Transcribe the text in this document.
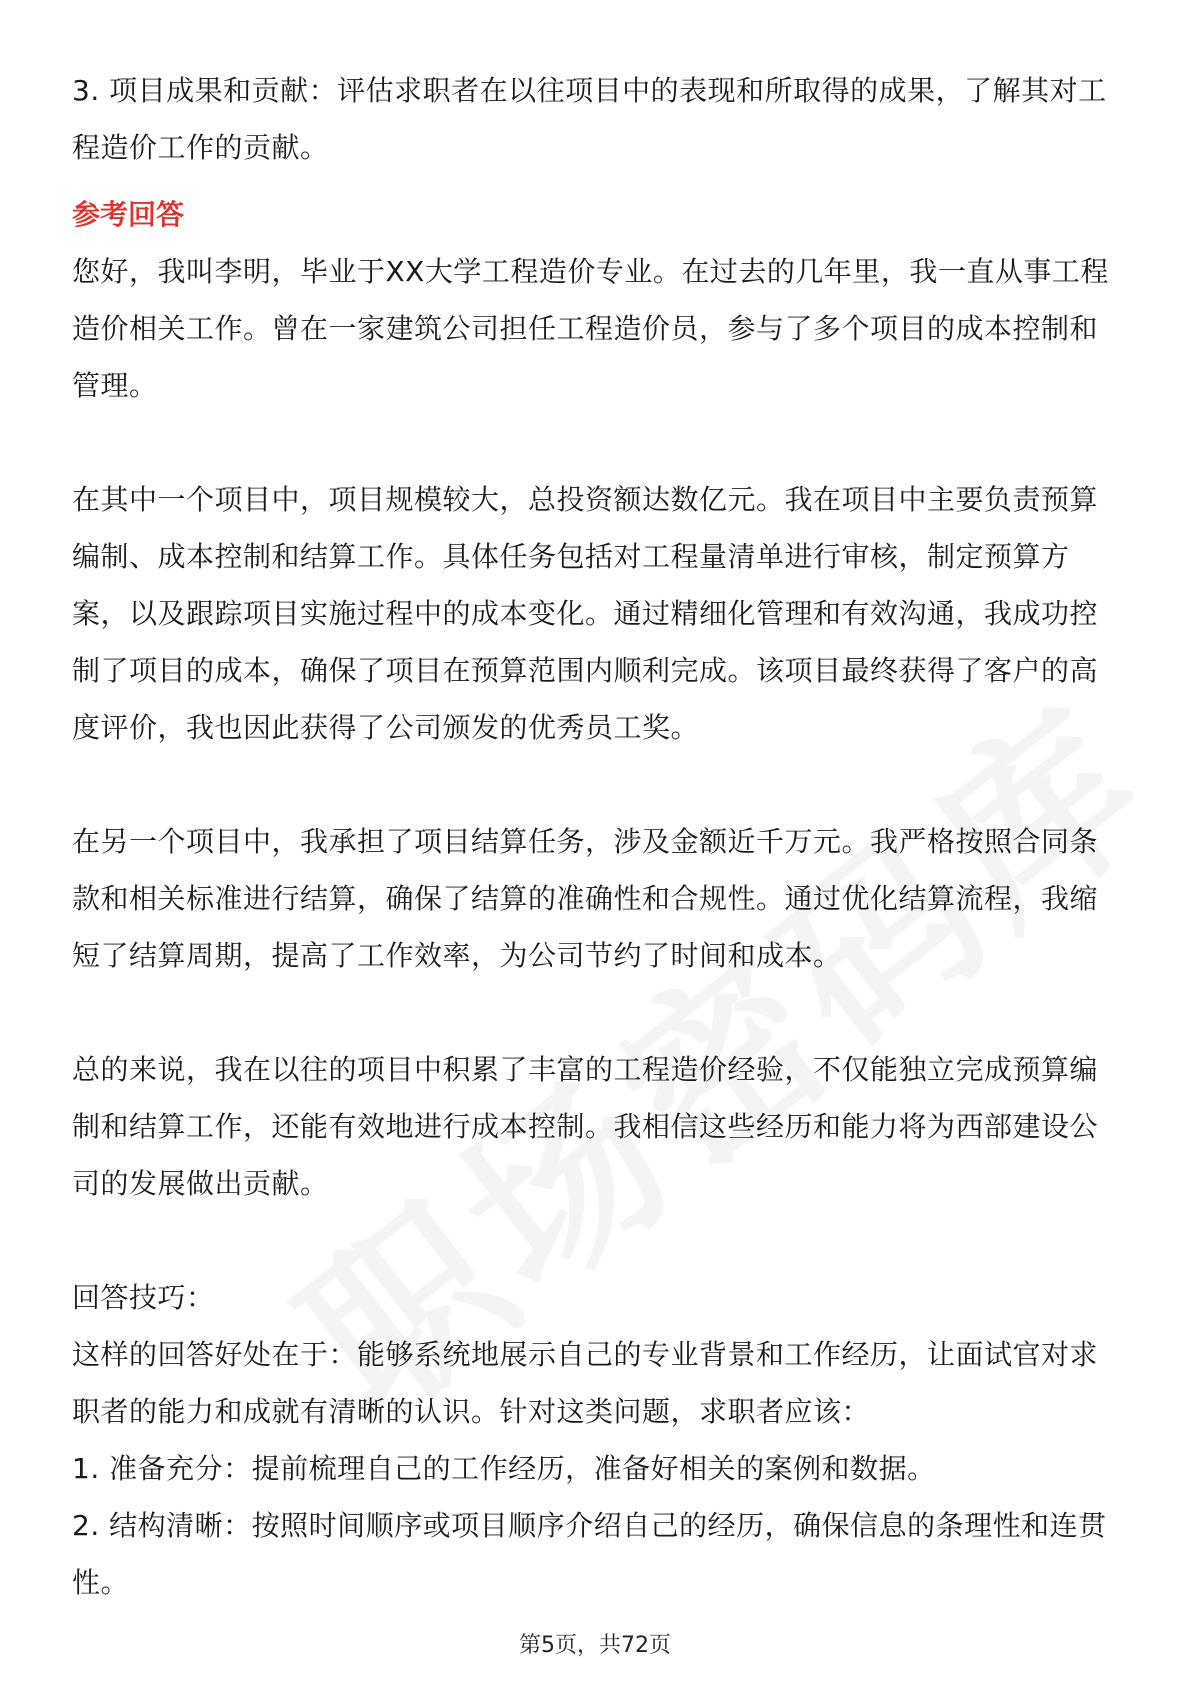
3. 项目成果和贡献：评估求职者在以往项目中的表现和所取得的成果，了解其对工

程造价工作的贡献。

参考回答

您好，我叫李明，毕业于XX大学工程造价专业。在过去的几年里，我一直从事工程

造价相关工作。曾在一家建筑公司担任工程造价员，参与了多个项目的成本控制和

管理。

在其中一个项目中，项目规模较大，总投资额达数亿元。我在项目中主要负责预算

编制、成本控制和结算工作。具体任务包括对工程量清单进行审核，制定预算方

案，以及跟踪项目实施过程中的成本变化。通过精细化管理和有效沟通，我成功控

制了项目的成本，确保了项目在预算范围内顺利完成。该项目最终获得了客户的高

度评价，我也因此获得了公司颁发的优秀员工奖。

在另一个项目中，我承担了项目结算任务，涉及金额近千万元。我严格按照合同条

款和相关标准进行结算，确保了结算的准确性和合规性。通过优化结算流程，我缩

短了结算周期，提高了工作效率，为公司节约了时间和成本。

总的来说，我在以往的项目中积累了丰富的工程造价经验，不仅能独立完成预算编

制和结算工作，还能有效地进行成本控制。我相信这些经历和能力将为西部建设公

司的发展做出贡献。

回答技巧：

这样的回答好处在于：能够系统地展示自己的专业背景和工作经历，让面试官对求

职者的能力和成就有清晰的认识。针对这类问题，求职者应该：

1. 准备充分：提前梳理自己的工作经历，准备好相关的案例和数据。

2. 结构清晰：按照时间顺序或项目顺序介绍自己的经历，确保信息的条理性和连贯

性。

第5页，共72页
